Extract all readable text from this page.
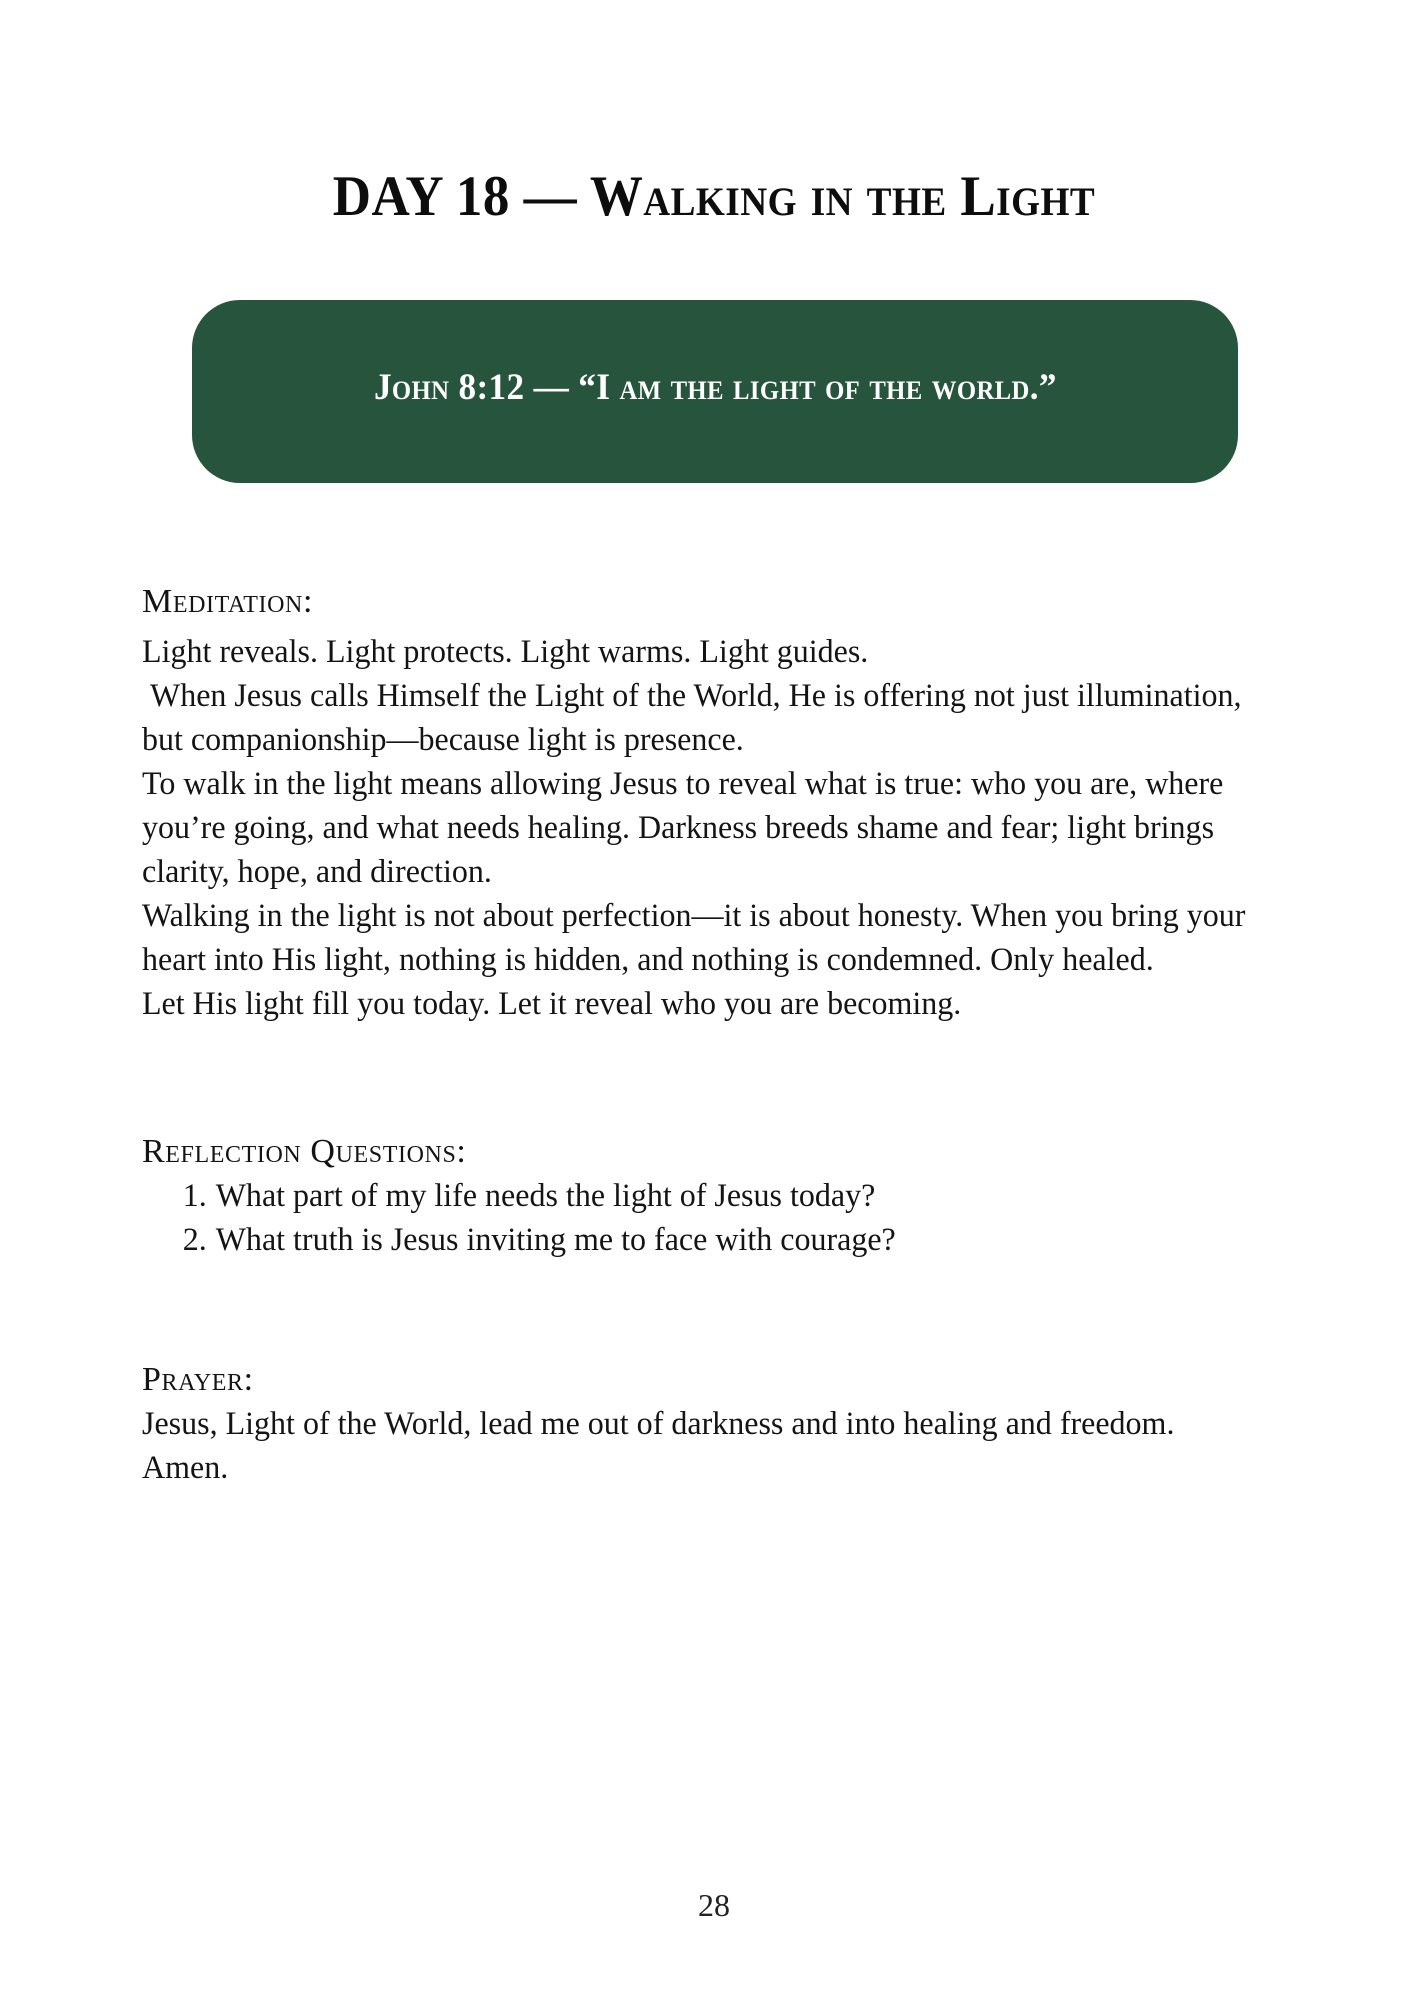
DAY 18 — Walking in the Light
John 8:12 — “I am the light of the world.”
Meditation:

Light reveals. Light protects. Light warms. Light guides.

When Jesus calls Himself the Light of the World, He is offering not just illumination, but companionship—because light is presence.

To walk in the light means allowing Jesus to reveal what is true: who you are, where you’re going, and what needs healing. Darkness breeds shame and fear; light brings clarity, hope, and direction.

Walking in the light is not about perfection—it is about honesty. When you bring your heart into His light, nothing is hidden, and nothing is condemned. Only healed.

Let His light fill you today. Let it reveal who you are becoming.

Reflection Questions:
1. What part of my life needs the light of Jesus today?
2. What truth is Jesus inviting me to face with courage?
Prayer:

Jesus, Light of the World, lead me out of darkness and into healing and freedom. Amen.

28
